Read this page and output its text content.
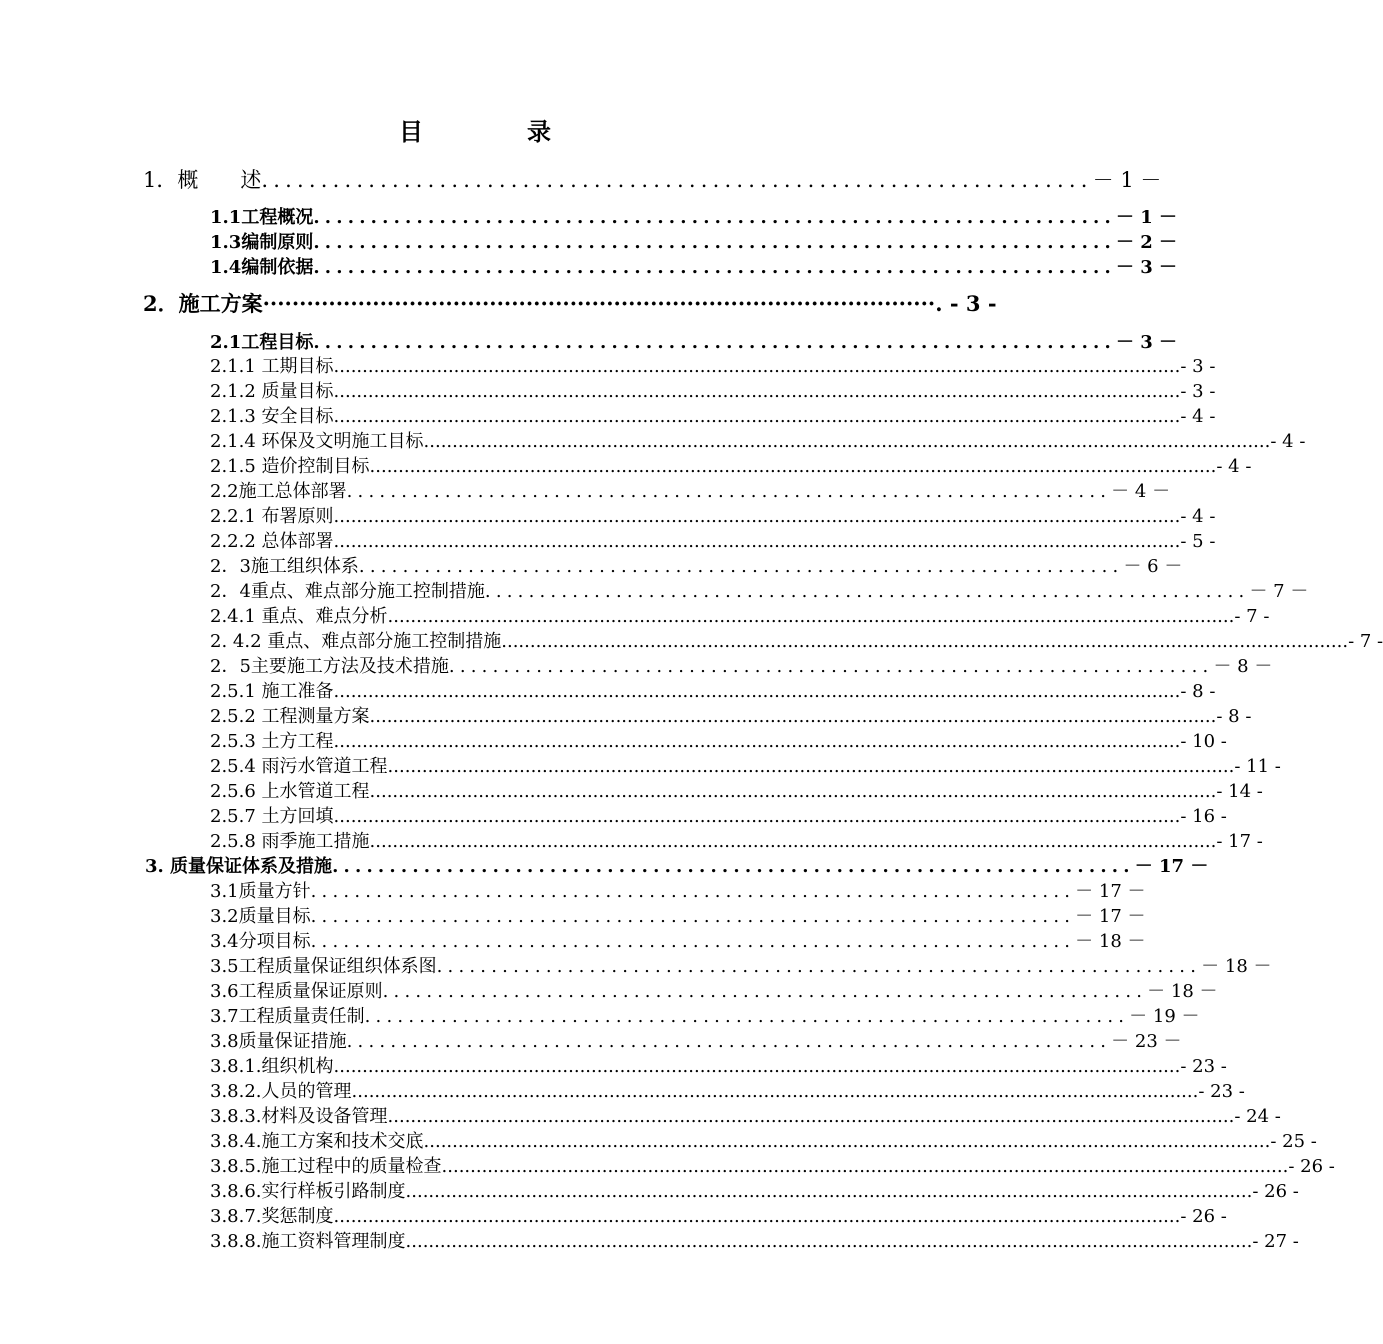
目　录
1．概　　述 ...................................................................... － 1 －
1.1工程概况 ...................................................................... － 1 －
1.3编制原则 ...................................................................... － 2 －
1.4编制依据 ...................................................................... － 3 －
2．施工方案 ···························································································· . - 3 -
2.1工程目标 ...................................................................... － 3 －
2.1.1 工期目标 .................................................................................................................................................... - 3 -
2.1.2 质量目标 .................................................................................................................................................... - 3 -
2.1.3 安全目标 .................................................................................................................................................... - 4 -
2.1.4 环保及文明施工目标 .................................................................................................................................................... - 4 -
2.1.5 造价控制目标 .................................................................................................................................................... - 4 -
2.2施工总体部署 ...................................................................... － 4 －
2.2.1 布署原则 .................................................................................................................................................... - 4 -
2.2.2 总体部署 .................................................................................................................................................... - 5 -
2．3施工组织体系 ...................................................................... － 6 －
2．4重点、难点部分施工控制措施 ...................................................................... － 7 －
2.4.1 重点、难点分析 .................................................................................................................................................... - 7 -
2. 4.2 重点、难点部分施工控制措施 .................................................................................................................................................... - 7 -
2．5主要施工方法及技术措施 ...................................................................... － 8 －
2.5.1 施工准备 .................................................................................................................................................... - 8 -
2.5.2 工程测量方案 .................................................................................................................................................... - 8 -
2.5.3 土方工程 .................................................................................................................................................... - 10 -
2.5.4 雨污水管道工程 .................................................................................................................................................... - 11 -
2.5.6 上水管道工程 .................................................................................................................................................... - 14 -
2.5.7 土方回填 .................................................................................................................................................... - 16 -
2.5.8 雨季施工措施 .................................................................................................................................................... - 17 -
3. 质量保证体系及措施 ...................................................................... － 17 －
3.1质量方针 ...................................................................... － 17 －
3.2质量目标 ...................................................................... － 17 －
3.4分项目标 ...................................................................... － 18 －
3.5工程质量保证组织体系图 ...................................................................... － 18 －
3.6工程质量保证原则 ...................................................................... － 18 －
3.7工程质量责任制 ...................................................................... － 19 －
3.8质量保证措施 ...................................................................... － 23 －
3.8.1.组织机构 .................................................................................................................................................... - 23 -
3.8.2.人员的管理 .................................................................................................................................................... - 23 -
3.8.3.材料及设备管理 .................................................................................................................................................... - 24 -
3.8.4.施工方案和技术交底 .................................................................................................................................................... - 25 -
3.8.5.施工过程中的质量检查 .................................................................................................................................................... - 26 -
3.8.6.实行样板引路制度 .................................................................................................................................................... - 26 -
3.8.7.奖惩制度 .................................................................................................................................................... - 26 -
3.8.8.施工资料管理制度 .................................................................................................................................................... - 27 -
